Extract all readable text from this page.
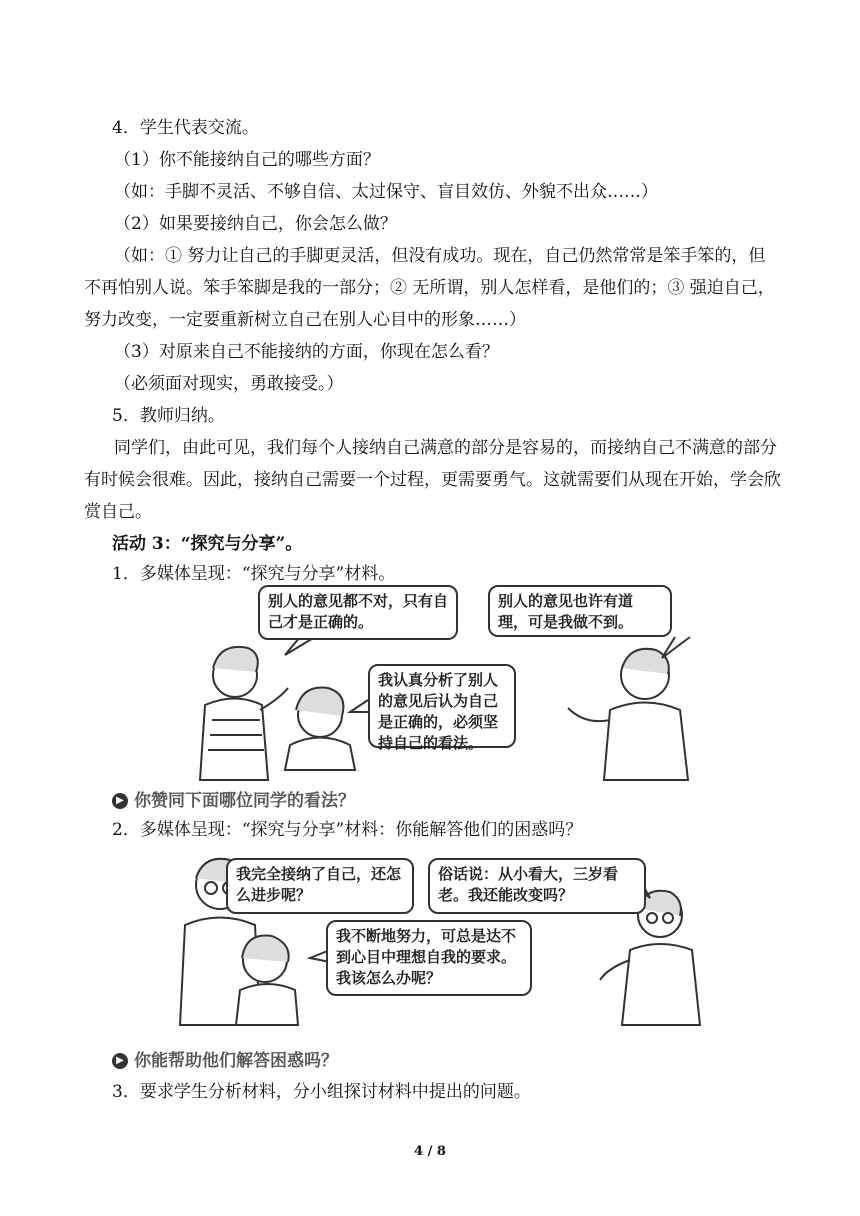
4．学生代表交流。
（1）你不能接纳自己的哪些方面？
（如：手脚不灵活、不够自信、太过保守、盲目效仿、外貌不出众……）
（2）如果要接纳自己，你会怎么做？
（如：① 努力让自己的手脚更灵活，但没有成功。现在，自己仍然常常是笨手笨的，但
不再怕别人说。笨手笨脚是我的一部分；② 无所谓，别人怎样看，是他们的；③ 强迫自己，
努力改变，一定要重新树立自己在别人心目中的形象……）
（3）对原来自己不能接纳的方面，你现在怎么看？
（必须面对现实，勇敢接受。）
5．教师归纳。
同学们，由此可见，我们每个人接纳自己满意的部分是容易的，而接纳自己不满意的部分
有时候会很难。因此，接纳自己需要一个过程，更需要勇气。这就需要们从现在开始，学会欣
赏自己。
活动 3：“探究与分享”。
1．多媒体呈现：“探究与分享”材料。
别人的意见都不对，只有自己才是正确的。
别人的意见也许有道理，可是我做不到。
我认真分析了别人的意见后认为自己是正确的，必须坚持自己的看法。
▶ 你赞同下面哪位同学的看法？
2．多媒体呈现：“探究与分享”材料：你能解答他们的困惑吗？
我完全接纳了自己，还怎么进步呢？
俗话说：从小看大，三岁看老。我还能改变吗？
我不断地努力，可总是达不到心目中理想自我的要求。我该怎么办呢？
▶ 你能帮助他们解答困惑吗？
3．要求学生分析材料，分小组探讨材料中提出的问题。
4 / 8
